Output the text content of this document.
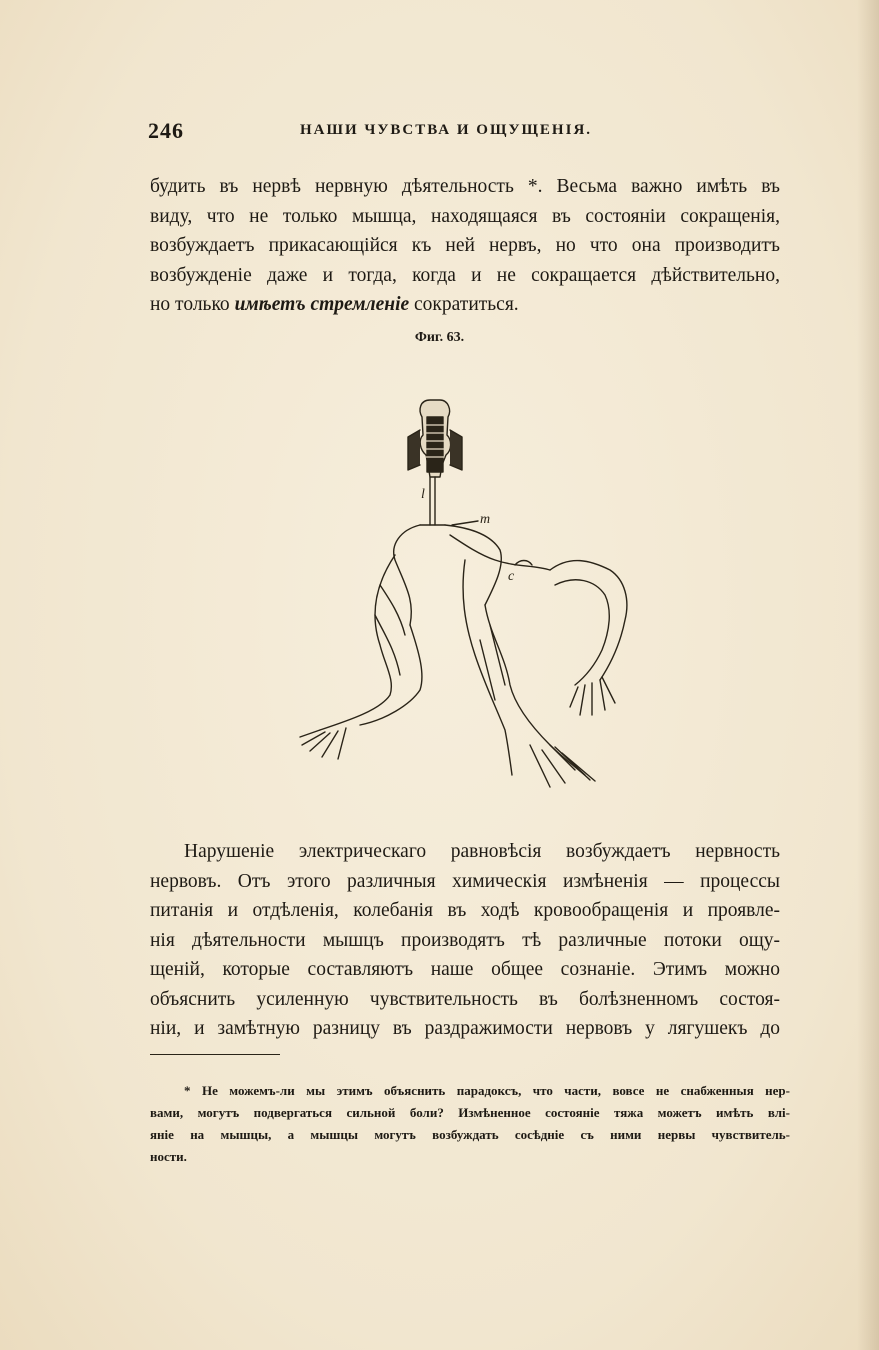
246	НАШИ ЧУВСТВА И ОЩУЩЕНІЯ.
будить въ нервѣ нервную дѣятельность *. Весьма важно имѣть въ
виду, что не только мышца, находящаяся въ состояніи сокращенія,
возбуждаетъ прикасающійся къ ней нервъ, но что она производитъ
возбужденіе даже и тогда, когда и не сокращается дѣйствительно,
но только имѣетъ стремленіе сократиться.
Фиг. 63.
l
m
c
Нарушеніе электрическаго равновѣсія возбуждаетъ нервность
нервовъ. Отъ этого различныя химическія измѣненія — процессы
питанія и отдѣленія, колебанія въ ходѣ кровообращенія и проявле-
нія дѣятельности мышцъ производятъ тѣ различные потоки ощу-
щеній, которые составляютъ наше общее сознаніе. Этимъ можно
объяснить усиленную чувствительность въ болѣзненномъ состоя-
ніи, и замѣтную разницу въ раздражимости нервовъ у лягушекъ до
* Не можемъ-ли мы этимъ объяснить парадоксъ, что части, вовсе не снабженныя нер-
вами, могутъ подвергаться сильной боли? Измѣненное состояніе тяжа можетъ имѣть влі-
яніе на мышцы, а мышцы могутъ возбуждать сосѣдніе съ ними нервы чувствитель-
ности.
